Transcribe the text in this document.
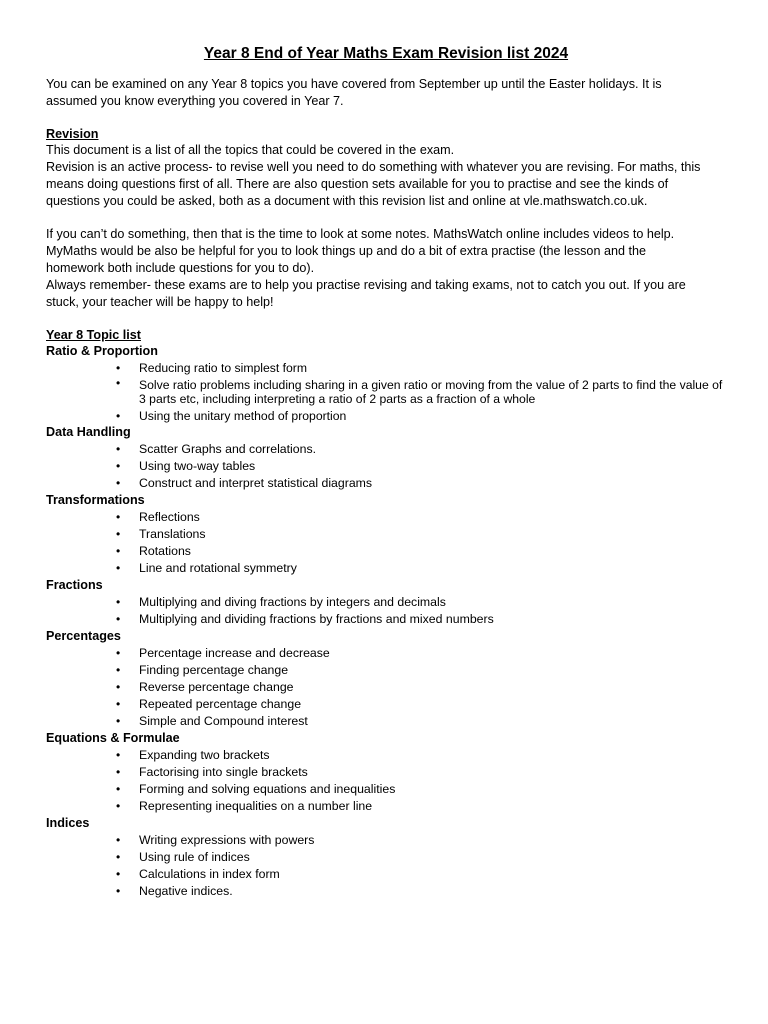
Year 8 End of Year Maths Exam Revision list 2024
You can be examined on any Year 8 topics you have covered from September up until the Easter holidays. It is
assumed you know everything you covered in Year 7.
Revision
This document is a list of all the topics that could be covered in the exam.
Revision is an active process- to revise well you need to do something with whatever you are revising. For maths, this
means doing questions first of all. There are also question sets available for you to practise and see the kinds of
questions you could be asked, both as a document with this revision list and online at vle.mathswatch.co.uk.
If you can’t do something, then that is the time to look at some notes. MathsWatch online includes videos to help.
MyMaths would be also be helpful for you to look things up and do a bit of extra practise (the lesson and the
homework both include questions for you to do).
Always remember- these exams are to help you practise revising and taking exams, not to catch you out. If you are
stuck, your teacher will be happy to help!
Year 8 Topic list
Ratio & Proportion
• Reducing ratio to simplest form
• Solve ratio problems including sharing in a given ratio or moving from the value of 2 parts to find the value of 3 parts etc, including interpreting a ratio of 2 parts as a fraction of a whole
• Using the unitary method of proportion
Data Handling
• Scatter Graphs and correlations.
• Using two-way tables
• Construct and interpret statistical diagrams
Transformations
• Reflections
• Translations
• Rotations
• Line and rotational symmetry
Fractions
• Multiplying and diving fractions by integers and decimals
• Multiplying and dividing fractions by fractions and mixed numbers
Percentages
• Percentage increase and decrease
• Finding percentage change
• Reverse percentage change
• Repeated percentage change
• Simple and Compound interest
Equations & Formulae
• Expanding two brackets
• Factorising into single brackets
• Forming and solving equations and inequalities
• Representing inequalities on a number line
Indices
• Writing expressions with powers
• Using rule of indices
• Calculations in index form
• Negative indices.
